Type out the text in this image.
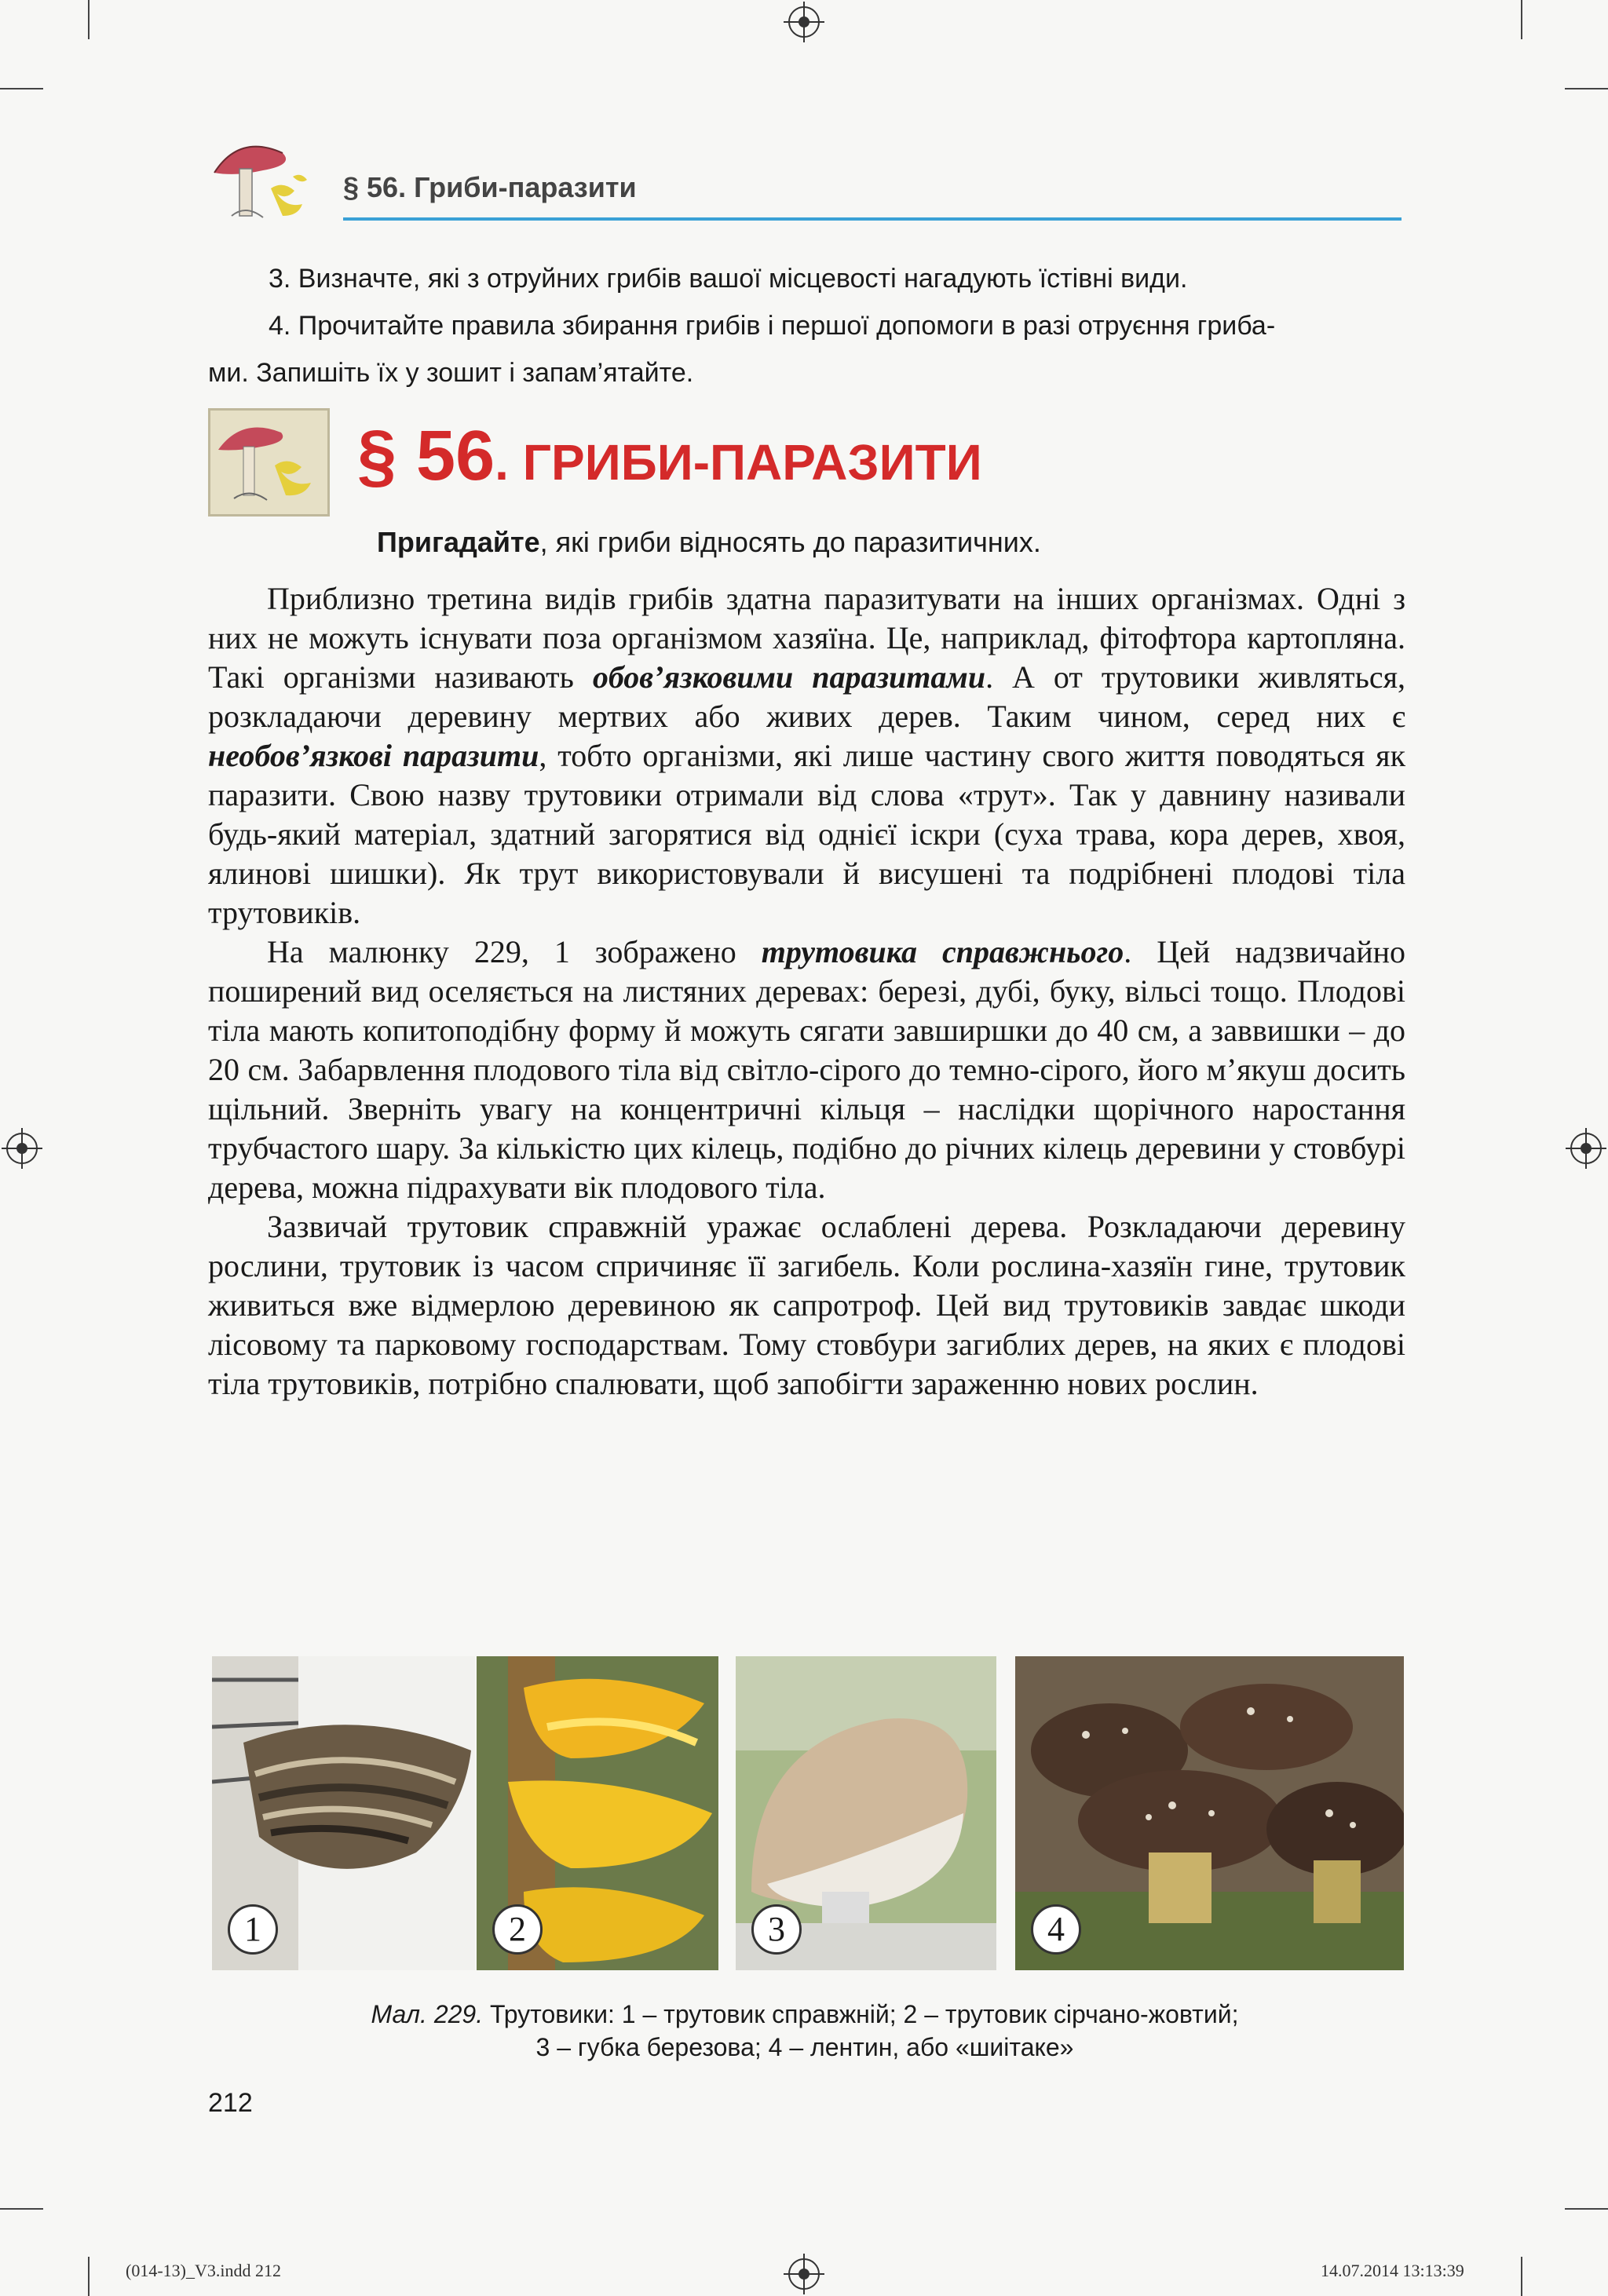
§ 56. Гриби-паразити
3. Визначте, які з отруйних грибів вашої місцевості нагадують їстівні види.
4. Прочитайте правила збирання грибів і першої допомоги в разі отруєння гриба-
ми. Запишіть їх у зошит і запам’ятайте.
§ 56. ГРИБИ-ПАРАЗИТИ
Пригадайте, які гриби відносять до паразитичних.

Приблизно третина видів грибів здатна паразитувати на інших організмах. Одні з них не можуть існувати поза організмом хазяїна. Це, наприклад, фітофтора картопляна. Такі організми називають обов’язковими паразитами. А от трутовики живляться, розкладаючи деревину мертвих або живих дерев. Таким чином, серед них є необов’язкові паразити, тобто організми, які лише частину свого життя поводяться як паразити. Свою назву трутовики отримали від слова «трут». Так у давнину називали будь-який матеріал, здатний загорятися від однієї іскри (суха трава, кора дерев, хвоя, ялинові шишки). Як трут використовували й висушені та подрібнені плодові тіла трутовиків.

На малюнку 229, 1 зображено трутовика справжнього. Цей надзвичайно поширений вид оселяється на листяних деревах: березі, дубі, буку, вільсі тощо. Плодові тіла мають копитоподібну форму й можуть сягати завширшки до 40 см, а заввишки – до 20 см. Забарвлення плодового тіла від світло-сірого до темно-сірого, його м’якуш досить щільний. Зверніть увагу на концентричні кільця – наслідки щорічного наростання трубчастого шару. За кількістю цих кілець, подібно до річних кілець деревини у стовбурі дерева, можна підрахувати вік плодового тіла.

Зазвичай трутовик справжній уражає ослаблені дерева. Розкладаючи деревину рослини, трутовик із часом спричиняє її загибель. Коли рослина-хазяїн гине, трутовик живиться вже відмерлою деревиною як сапротроф. Цей вид трутовиків завдає шкоди лісовому та парковому господарствам. Тому стовбури загиблих дерев, на яких є плодові тіла трутовиків, потрібно спалювати, щоб запобігти зараженню нових рослин.

1	2	3	4
Мал. 229. Трутовики: 1 – трутовик справжній; 2 – трутовик сірчано-жовтий;
3 – губка березова; 4 – лентин, або «шиітаке»
212
(014-13)_V3.indd 212	14.07.2014 13:13:39
